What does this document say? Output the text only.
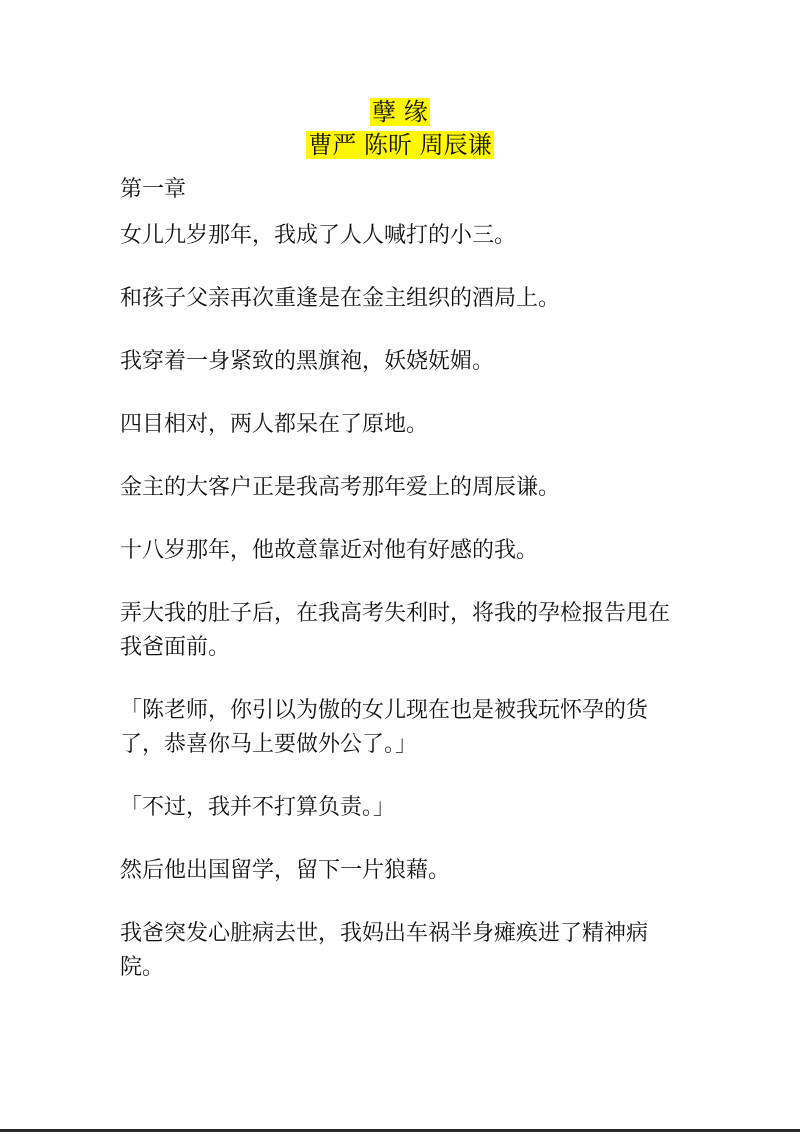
孽 缘
曹严 陈昕 周辰谦
第一章

女儿九岁那年，我成了人人喊打的小三。

和孩子父亲再次重逢是在金主组织的酒局上。

我穿着一身紧致的黑旗袍，妖娆妩媚。

四目相对，两人都呆在了原地。

金主的大客户正是我高考那年爱上的周辰谦。

十八岁那年，他故意靠近对他有好感的我。

弄大我的肚子后，在我高考失利时，将我的孕检报告甩在我爸面前。

「陈老师，你引以为傲的女儿现在也是被我玩怀孕的货了，恭喜你马上要做外公了。」

「不过，我并不打算负责。」

然后他出国留学，留下一片狼藉。

我爸突发心脏病去世，我妈出车祸半身瘫痪进了精神病院。
